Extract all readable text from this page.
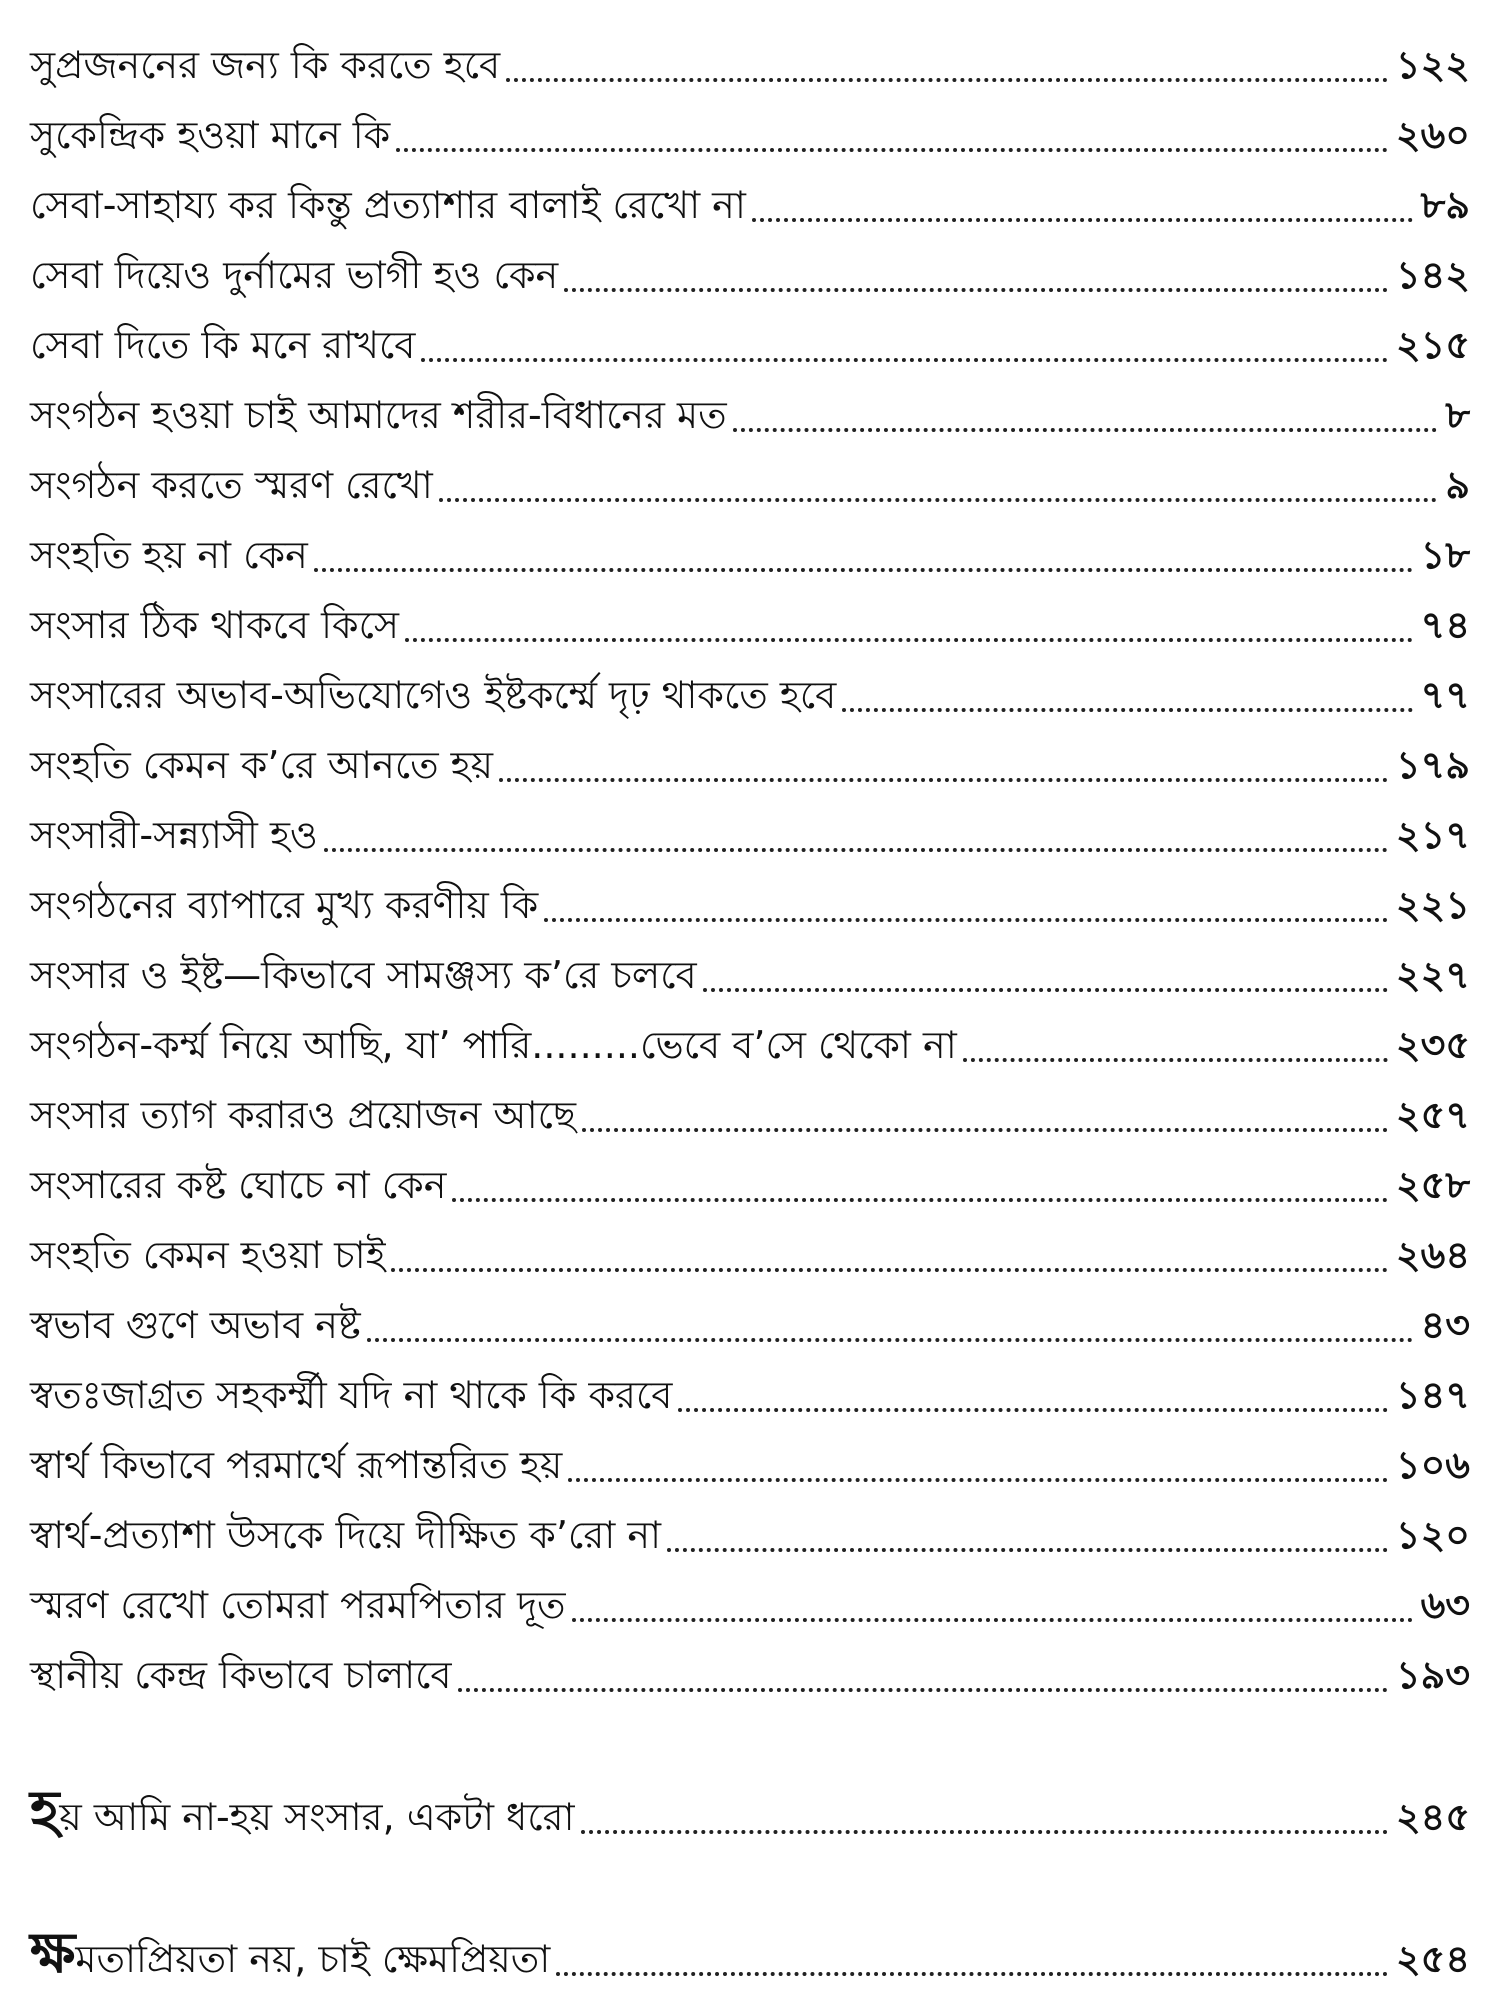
সুপ্রজননের জন্য কি করতে হবে	১২২
সুকেন্দ্রিক হওয়া মানে কি	২৬০
সেবা-সাহায্য কর কিন্তু প্রত্যাশার বালাই রেখো না	৮৯
সেবা দিয়েও দুর্নামের ভাগী হও কেন	১৪২
সেবা দিতে কি মনে রাখবে	২১৫
সংগঠন হওয়া চাই আমাদের শরীর-বিধানের মত	৮
সংগঠন করতে স্মরণ রেখো	৯
সংহতি হয় না কেন	১৮
সংসার ঠিক থাকবে কিসে	৭৪
সংসারের অভাব-অভিযোগেও ইষ্টকর্ম্মে দৃঢ় থাকতে হবে	৭৭
সংহতি কেমন ক’রে আনতে হয়	১৭৯
সংসারী-সন্ন্যাসী হও	২১৭
সংগঠনের ব্যাপারে মুখ্য করণীয় কি	২২১
সংসার ও ইষ্ট—কিভাবে সামঞ্জস্য ক’রে চলবে	২২৭
সংগঠন-কর্ম্ম নিয়ে আছি, যা’ পারি.........ভেবে ব’সে থেকো না	২৩৫
সংসার ত্যাগ করারও প্রয়োজন আছে	২৫৭
সংসারের কষ্ট ঘোচে না কেন	২৫৮
সংহতি কেমন হওয়া চাই	২৬৪
স্বভাব গুণে অভাব নষ্ট	৪৩
স্বতঃজাগ্রত সহকর্ম্মী যদি না থাকে কি করবে	১৪৭
স্বার্থ কিভাবে পরমার্থে রূপান্তরিত হয়	১০৬
স্বার্থ-প্রত্যাশা উসকে দিয়ে দীক্ষিত ক’রো না	১২০
স্মরণ রেখো তোমরা পরমপিতার দূত	৬৩
স্থানীয় কেন্দ্র কিভাবে চালাবে	১৯৩
হয় আমি না-হয় সংসার, একটা ধরো	২৪৫
ক্ষমতাপ্রিয়তা নয়, চাই ক্ষেমপ্রিয়তা	২৫৪
